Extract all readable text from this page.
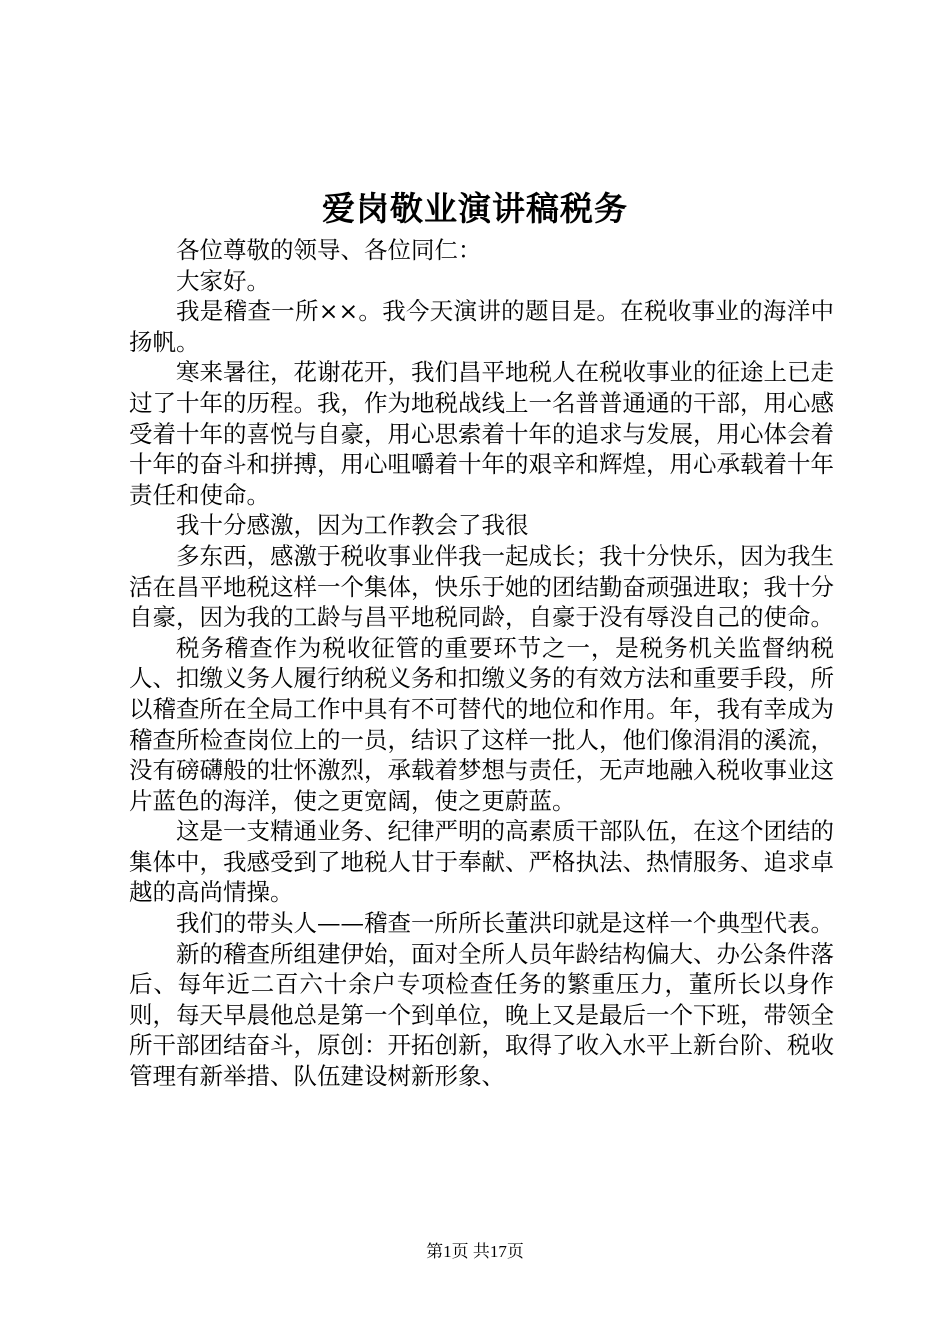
爱岗敬业演讲稿税务

各位尊敬的领导、各位同仁：

大家好。

我是稽查一所××。我今天演讲的题目是。在税收事业的海洋中扬帆。

寒来暑往，花谢花开，我们昌平地税人在税收事业的征途上已走过了十年的历程。我，作为地税战线上一名普普通通的干部，用心感受着十年的喜悦与自豪，用心思索着十年的追求与发展，用心体会着十年的奋斗和拼搏，用心咀嚼着十年的艰辛和辉煌，用心承载着十年责任和使命。

我十分感激，因为工作教会了我很

多东西，感激于税收事业伴我一起成长；我十分快乐，因为我生活在昌平地税这样一个集体，快乐于她的团结勤奋顽强进取；我十分自豪，因为我的工龄与昌平地税同龄，自豪于没有辱没自己的使命。

税务稽查作为税收征管的重要环节之一，是税务机关监督纳税人、扣缴义务人履行纳税义务和扣缴义务的有效方法和重要手段，所以稽查所在全局工作中具有不可替代的地位和作用。年，我有幸成为稽查所检查岗位上的一员，结识了这样一批人，他们像涓涓的溪流，没有磅礴般的壮怀激烈，承载着梦想与责任，无声地融入税收事业这片蓝色的海洋，使之更宽阔，使之更蔚蓝。

这是一支精通业务、纪律严明的高素质干部队伍，在这个团结的集体中，我感受到了地税人甘于奉献、严格执法、热情服务、追求卓越的高尚情操。

我们的带头人——稽查一所所长董洪印就是这样一个典型代表。

新的稽查所组建伊始，面对全所人员年龄结构偏大、办公条件落后、每年近二百六十余户专项检查任务的繁重压力，董所长以身作则，每天早晨他总是第一个到单位，晚上又是最后一个下班，带领全所干部团结奋斗，原创：开拓创新，取得了收入水平上新台阶、税收管理有新举措、队伍建设树新形象、

第1页 共17页
